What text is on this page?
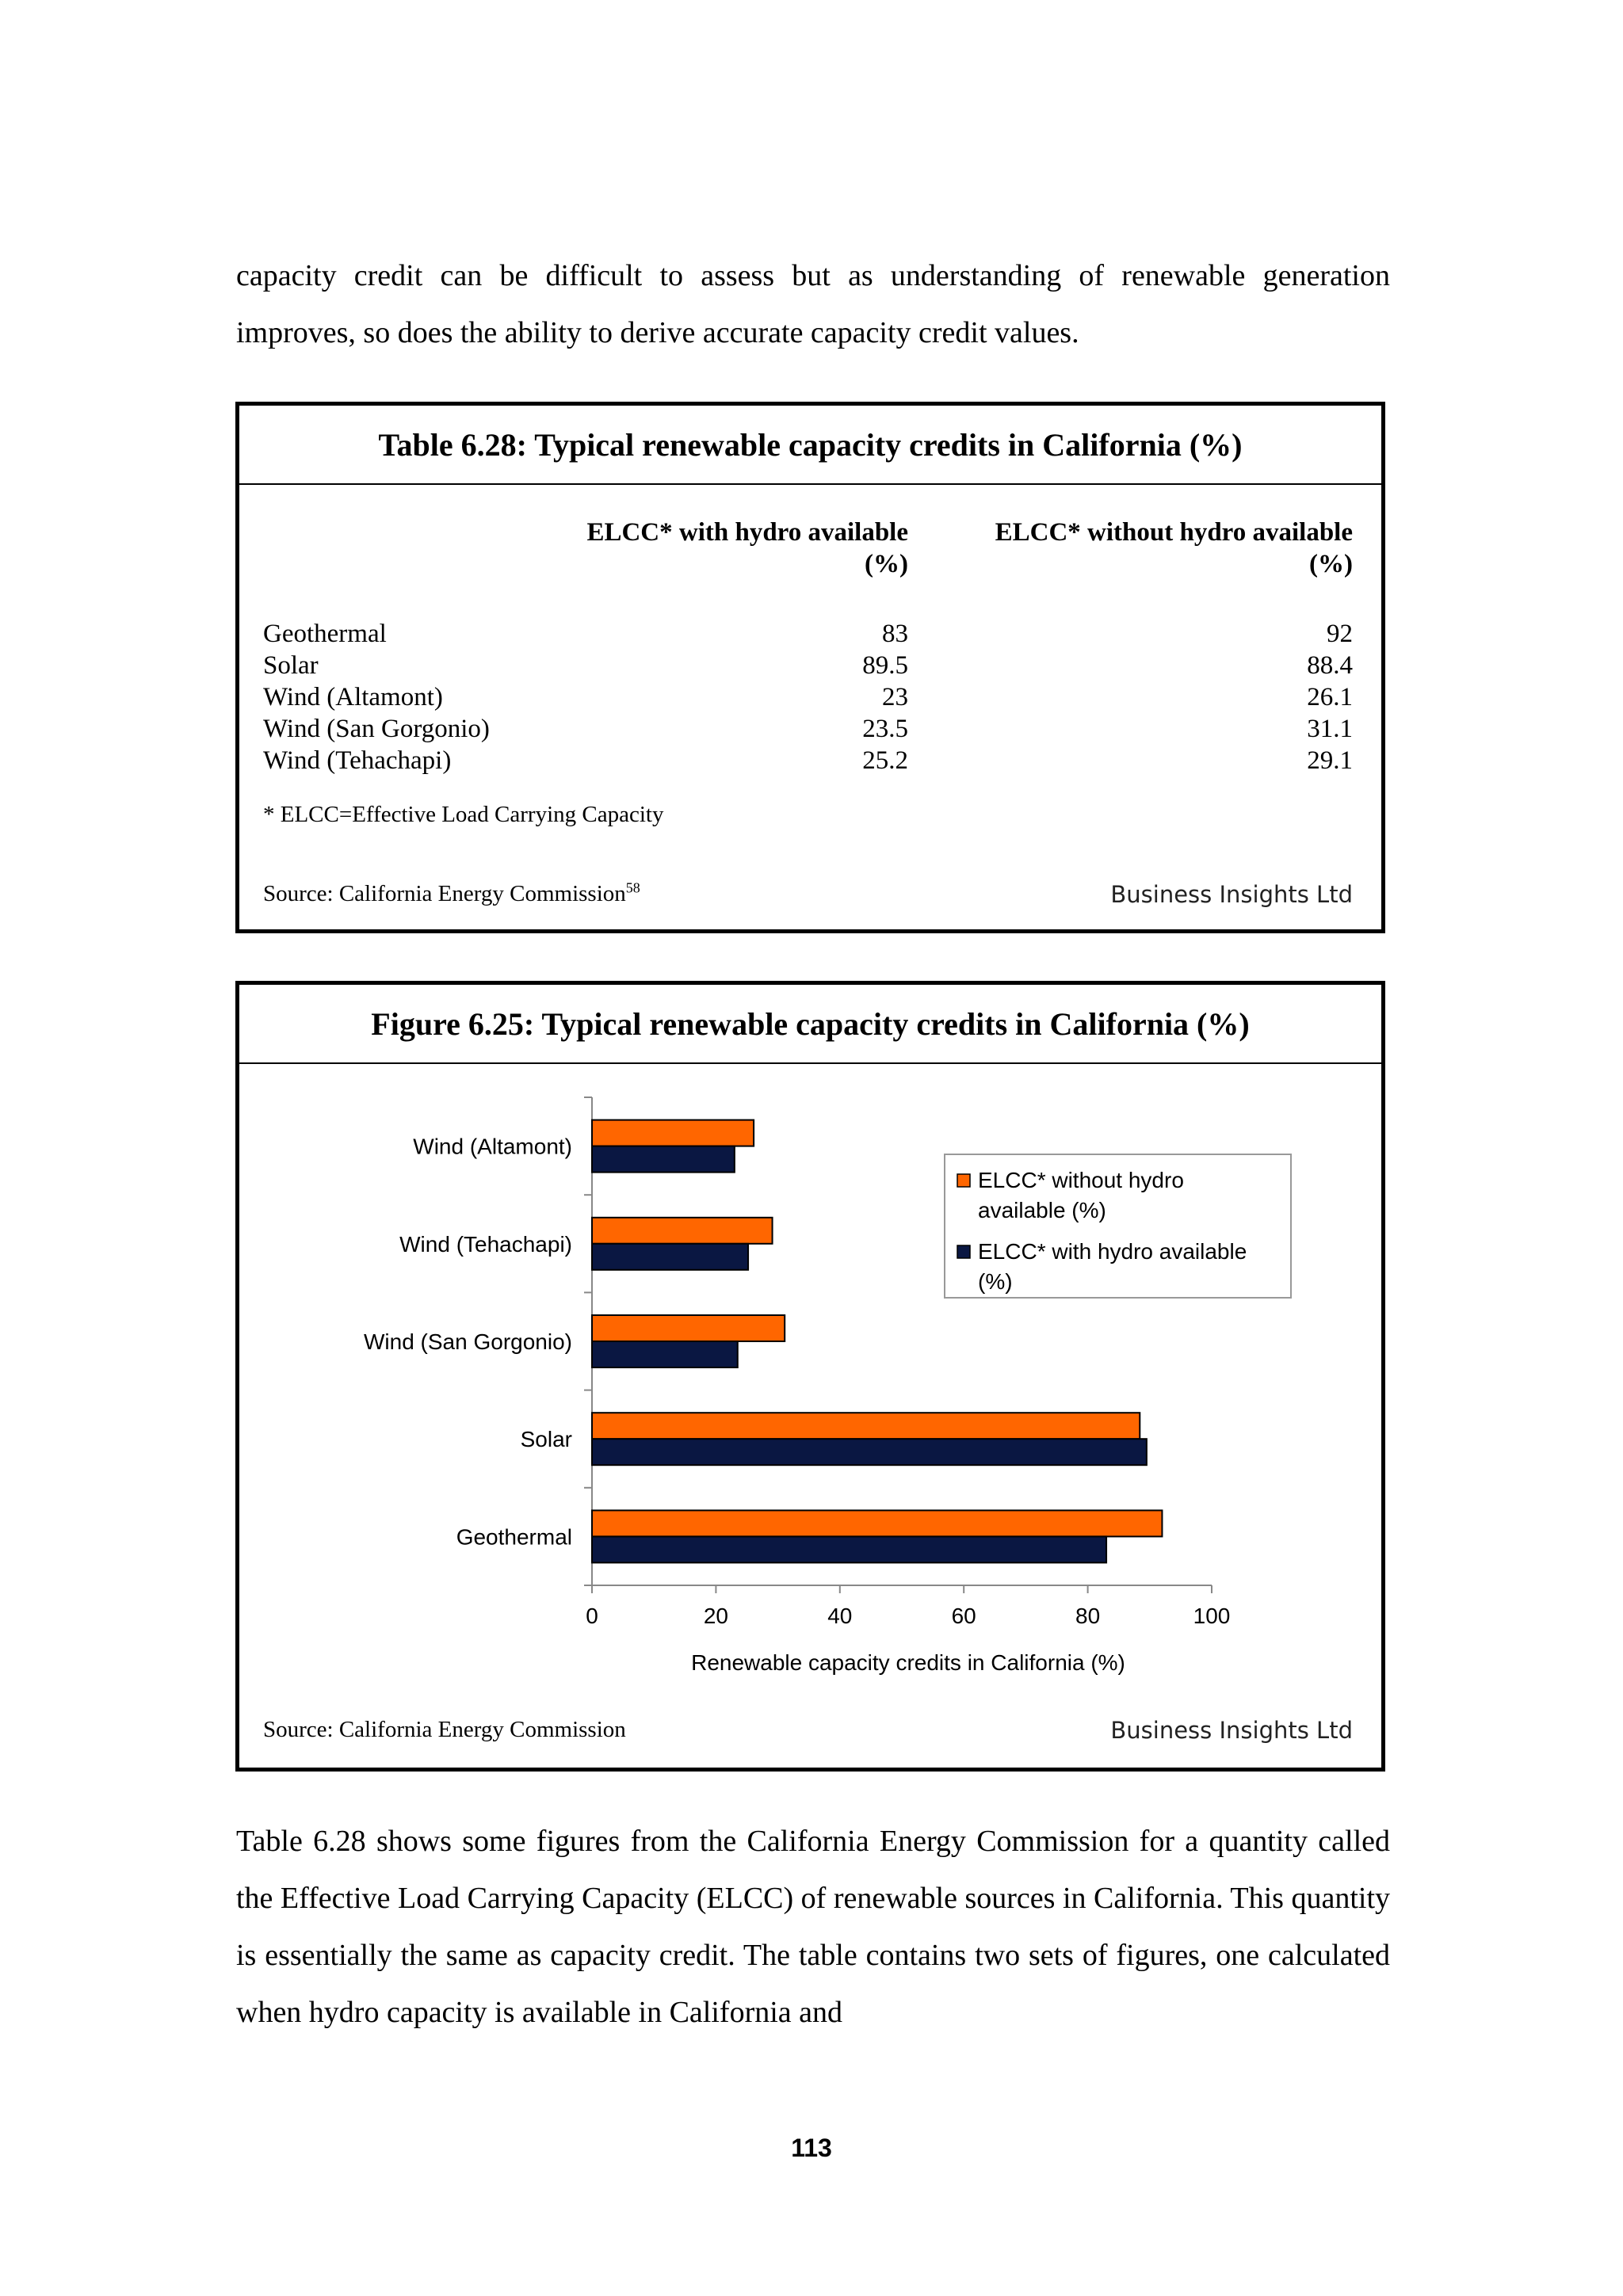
capacity credit can be difficult to assess but as understanding of renewable generation improves, so does the ability to derive accurate capacity credit values.

Table 6.28: Typical renewable capacity credits in California (%)
ELCC* with hydro available
(%)
ELCC* without hydro available
(%)
Geothermal	83	92
Solar	89.5	88.4
Wind (Altamont)	23	26.1
Wind (San Gorgonio)	23.5	31.1
Wind (Tehachapi)	25.2	29.1
* ELCC=Effective Load Carrying Capacity
Source: California Energy Commission$^{58}$	Business Insights Ltd
Figure 6.25: Typical renewable capacity credits in California (%)
Wind (Altamont)
Wind (Tehachapi)
Wind (San Gorgonio)
Solar
Geothermal
0	20	40	60	80	100
Renewable capacity credits in California (%)
ELCC* without hydro
available (%)
ELCC* with hydro available
(%)
Source: California Energy Commission	Business Insights Ltd

Table 6.28 shows some figures from the California Energy Commission for a quantity called the Effective Load Carrying Capacity (ELCC) of renewable sources in California. This quantity is essentially the same as capacity credit. The table contains two sets of figures, one calculated when hydro capacity is available in California and

113
